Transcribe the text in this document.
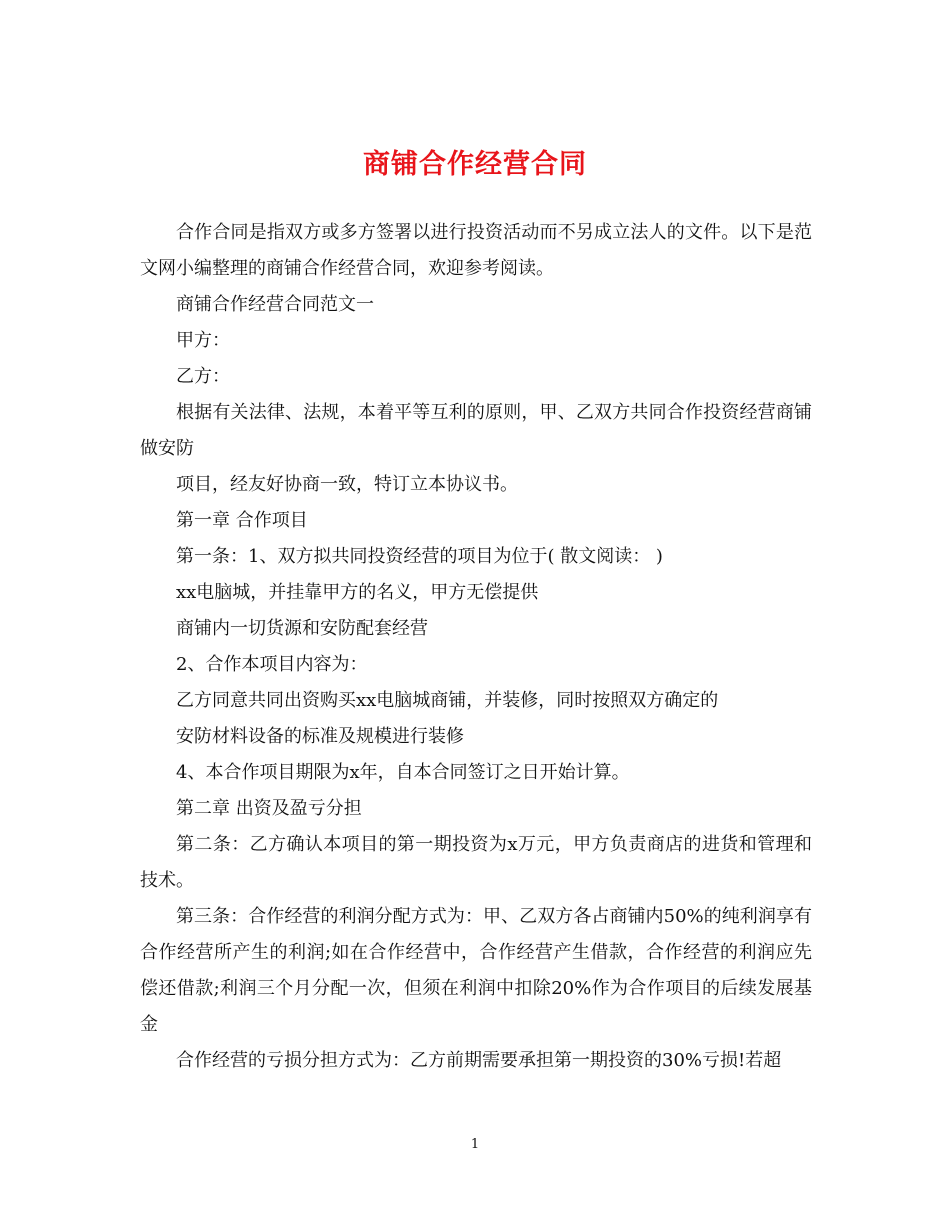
商铺合作经营合同

合作合同是指双方或多方签署以进行投资活动而不另成立法人的文件。以下是范文网小编整理的商铺合作经营合同，欢迎参考阅读。

商铺合作经营合同范文一

甲方：

乙方：

根据有关法律、法规，本着平等互利的原则，甲、乙双方共同合作投资经营商铺做安防

项目，经友好协商一致，特订立本协议书。

第一章 合作项目

第一条：1、双方拟共同投资经营的项目为位于( 散文阅读： )

xx电脑城，并挂靠甲方的名义，甲方无偿提供

商铺内一切货源和安防配套经营

2、合作本项目内容为：

乙方同意共同出资购买xx电脑城商铺，并装修，同时按照双方确定的

安防材料设备的标准及规模进行装修

4、本合作项目期限为x年，自本合同签订之日开始计算。

第二章 出资及盈亏分担

第二条：乙方确认本项目的第一期投资为x万元，甲方负责商店的进货和管理和技术。

第三条：合作经营的利润分配方式为：甲、乙双方各占商铺内50%的纯利润享有合作经营所产生的利润;如在合作经营中，合作经营产生借款，合作经营的利润应先偿还借款;利润三个月分配一次，但须在利润中扣除20%作为合作项目的后续发展基金

合作经营的亏损分担方式为：乙方前期需要承担第一期投资的30%亏损!若超

1
